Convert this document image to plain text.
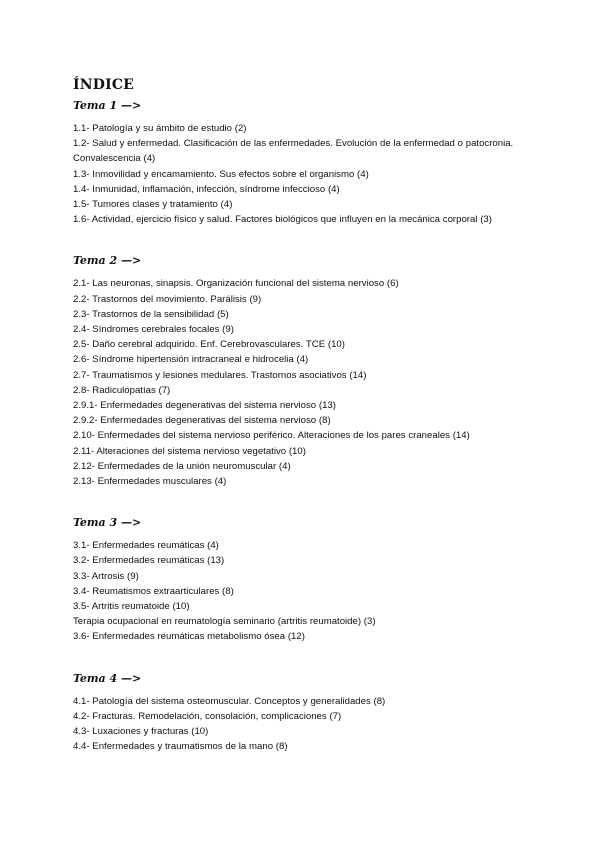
ÍNDICE
Tema 1 —>
1.1- Patología y su ámbito de estudio (2)
1.2- Salud y enfermedad. Clasificación de las enfermedades. Evolución de la enfermedad o patocronia. Convalescencia (4)
1.3- Inmovilidad y encamamiento. Sus efectos sobre el organismo (4)
1.4- Inmunidad, inflamación, infección, síndrome infeccioso (4)
1.5- Tumores clases y tratamiento (4)
1.6- Actividad, ejercicio físico y salud. Factores biológicos que influyen en la mecánica corporal (3)
Tema 2 —>
2.1- Las neuronas, sinapsis. Organización funcional del sistema nervioso (6)
2.2- Trastornos del movimiento. Parálisis (9)
2.3- Trastornos de la sensibilidad (5)
2.4- Síndromes cerebrales focales (9)
2.5- Daño cerebral adquirido. Enf. Cerebrovasculares. TCE (10)
2.6- Síndrome hipertensión intracraneal e hidrocelia (4)
2.7- Traumatismos y lesiones medulares. Trastornos asociativos (14)
2.8- Radiculopatías (7)
2.9.1- Enfermedades degenerativas del sistema nervioso (13)
2.9.2- Enfermedades degenerativas del sistema nervioso (8)
2.10- Enfermedades del sistema nervioso periférico. Alteraciones de los pares craneales (14)
2.11- Alteraciones del sistema nervioso vegetativo (10)
2.12- Enfermedades de la unión neuromuscular (4)
2.13- Enfermedades musculares (4)
Tema 3 —>
3.1- Enfermedades reumáticas (4)
3.2- Enfermedades reumáticas (13)
3.3- Artrosis (9)
3.4- Reumatismos extraarticulares (8)
3.5- Artritis reumatoide (10)
Terapia ocupacional en reumatología seminario (artritis reumatoide) (3)
3.6- Enfermedades reumáticas metabolismo ósea (12)
Tema 4 —>
4.1- Patología del sistema osteomuscular. Conceptos y generalidades (8)
4.2- Fracturas. Remodelación, consolación, complicaciones (7)
4.3- Luxaciones y fracturas (10)
4.4- Enfermedades y traumatismos de la mano (8)
